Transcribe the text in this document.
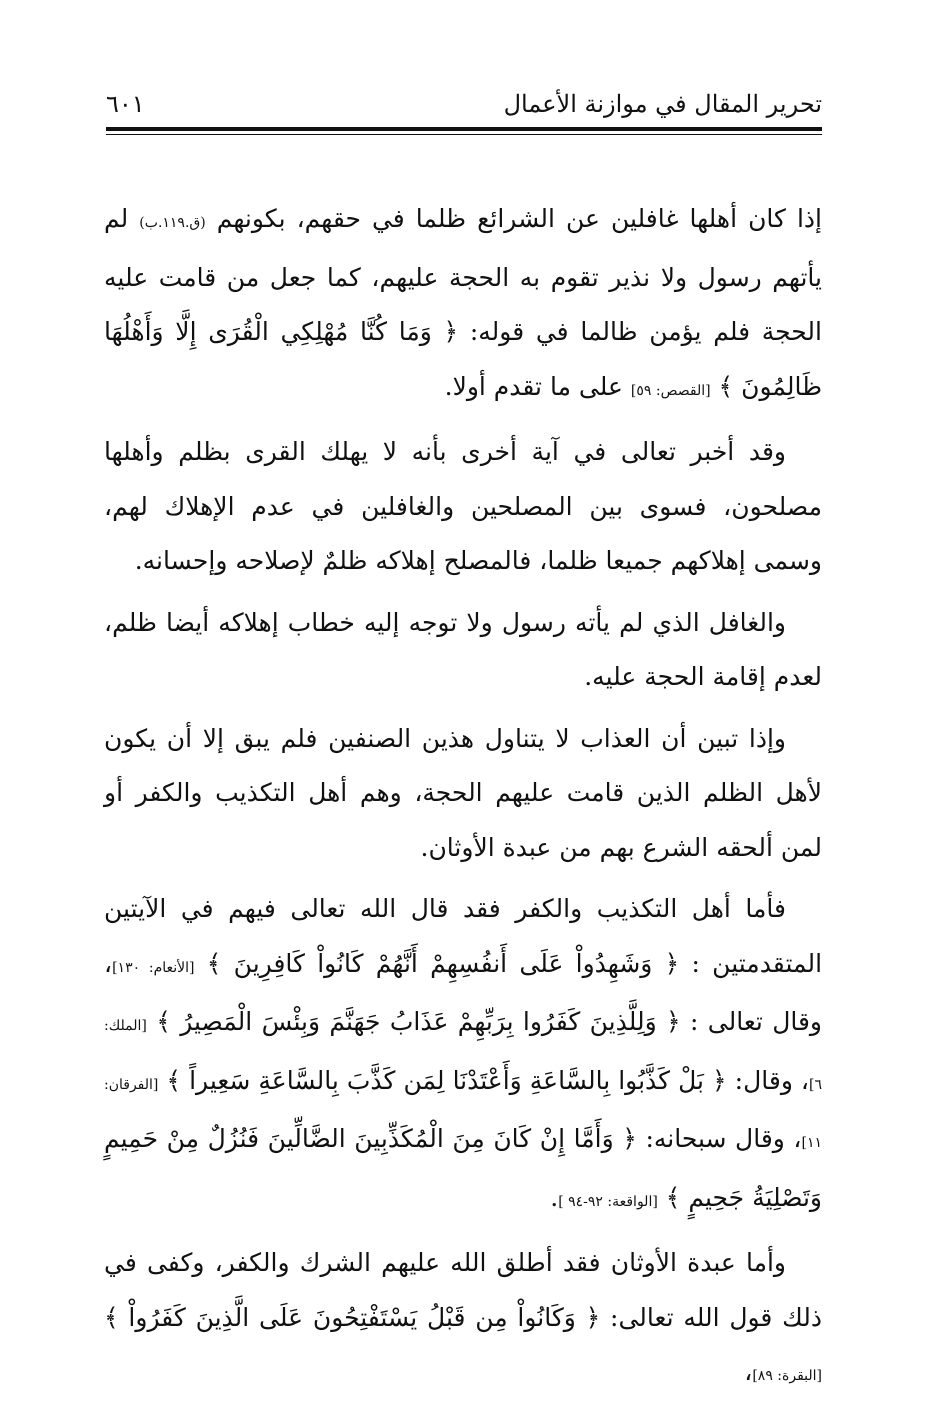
تحرير المقال في موازنة الأعمال
٦٠١

إذا كان أهلها غافلين عن الشرائع ظلما في حقهم، بكونهم (ق.١١٩.ب) لم يأتهم رسول ولا نذير تقوم به الحجة عليهم، كما جعل من قامت عليه الحجة فلم يؤمن ظالما في قوله: ﴿ وَمَا كُنَّا مُهْلِكِي الْقُرَى إِلَّا وَأَهْلُهَا ظَالِمُونَ ﴾ [القصص: ٥٩] على ما تقدم أولا.

وقد أخبر تعالى في آية أخرى بأنه لا يهلك القرى بظلم وأهلها مصلحون، فسوى بين المصلحين والغافلين في عدم الإهلاك لهم، وسمى إهلاكهم جميعا ظلما، فالمصلح إهلاكه ظلمٌ لإصلاحه وإحسانه.

والغافل الذي لم يأته رسول ولا توجه إليه خطاب إهلاكه أيضا ظلم، لعدم إقامة الحجة عليه.

وإذا تبين أن العذاب لا يتناول هذين الصنفين فلم يبق إلا أن يكون لأهل الظلم الذين قامت عليهم الحجة، وهم أهل التكذيب والكفر أو لمن ألحقه الشرع بهم من عبدة الأوثان.

فأما أهل التكذيب والكفر فقد قال الله تعالى فيهم في الآيتين المتقدمتين : ﴿ وَشَهِدُواْ عَلَى أَنفُسِهِمْ أَنَّهُمْ كَانُواْ كَافِرِينَ ﴾ [الأنعام: ١٣٠]، وقال تعالى : ﴿ وَلِلَّذِينَ كَفَرُوا بِرَبِّهِمْ عَذَابُ جَهَنَّمَ وَبِئْسَ الْمَصِيرُ ﴾ [الملك: ٦]، وقال: ﴿ بَلْ كَذَّبُوا بِالسَّاعَةِ وَأَعْتَدْنَا لِمَن كَذَّبَ بِالسَّاعَةِ سَعِيراً ﴾ [الفرقان: ١١]، وقال سبحانه: ﴿ وَأَمَّا إِنْ كَانَ مِنَ الْمُكَذِّبِينَ الضَّالِّينَ فَنُزُلٌ مِنْ حَمِيمٍ وَتَصْلِيَةُ جَحِيمٍ ﴾ [الواقعة: ٩٢-٩٤ ].

وأما عبدة الأوثان فقد أطلق الله عليهم الشرك والكفر، وكفى في ذلك قول الله تعالى: ﴿ وَكَانُواْ مِن قَبْلُ يَسْتَفْتِحُونَ عَلَى الَّذِينَ كَفَرُواْ ﴾ [البقرة: ٨٩]،
